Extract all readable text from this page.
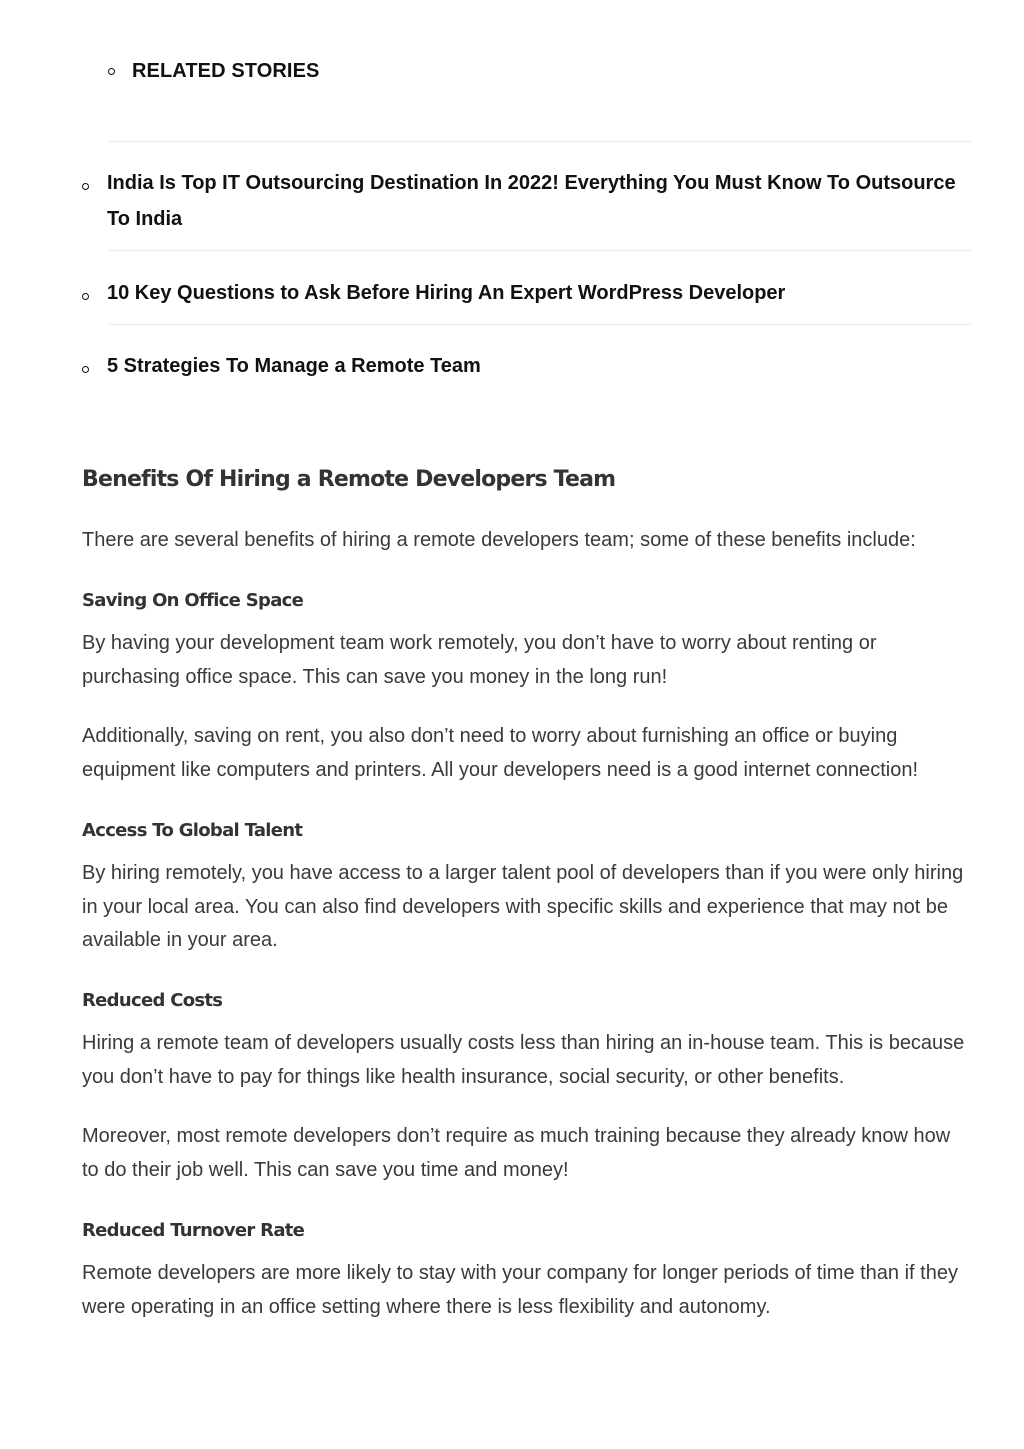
RELATED STORIES
India Is Top IT Outsourcing Destination In 2022! Everything You Must Know To Outsource To India
10 Key Questions to Ask Before Hiring An Expert WordPress Developer
5 Strategies To Manage a Remote Team
Benefits Of Hiring a Remote Developers Team

There are several benefits of hiring a remote developers team; some of these benefits include:

Saving On Office Space

By having your development team work remotely, you don’t have to worry about renting or purchasing office space. This can save you money in the long run!

Additionally, saving on rent, you also don’t need to worry about furnishing an office or buying equipment like computers and printers. All your developers need is a good internet connection!

Access To Global Talent

By hiring remotely, you have access to a larger talent pool of developers than if you were only hiring in your local area. You can also find developers with specific skills and experience that may not be available in your area.

Reduced Costs

Hiring a remote team of developers usually costs less than hiring an in-house team. This is because you don’t have to pay for things like health insurance, social security, or other benefits.

Moreover, most remote developers don’t require as much training because they already know how to do their job well. This can save you time and money!

Reduced Turnover Rate

Remote developers are more likely to stay with your company for longer periods of time than if they were operating in an office setting where there is less flexibility and autonomy.
